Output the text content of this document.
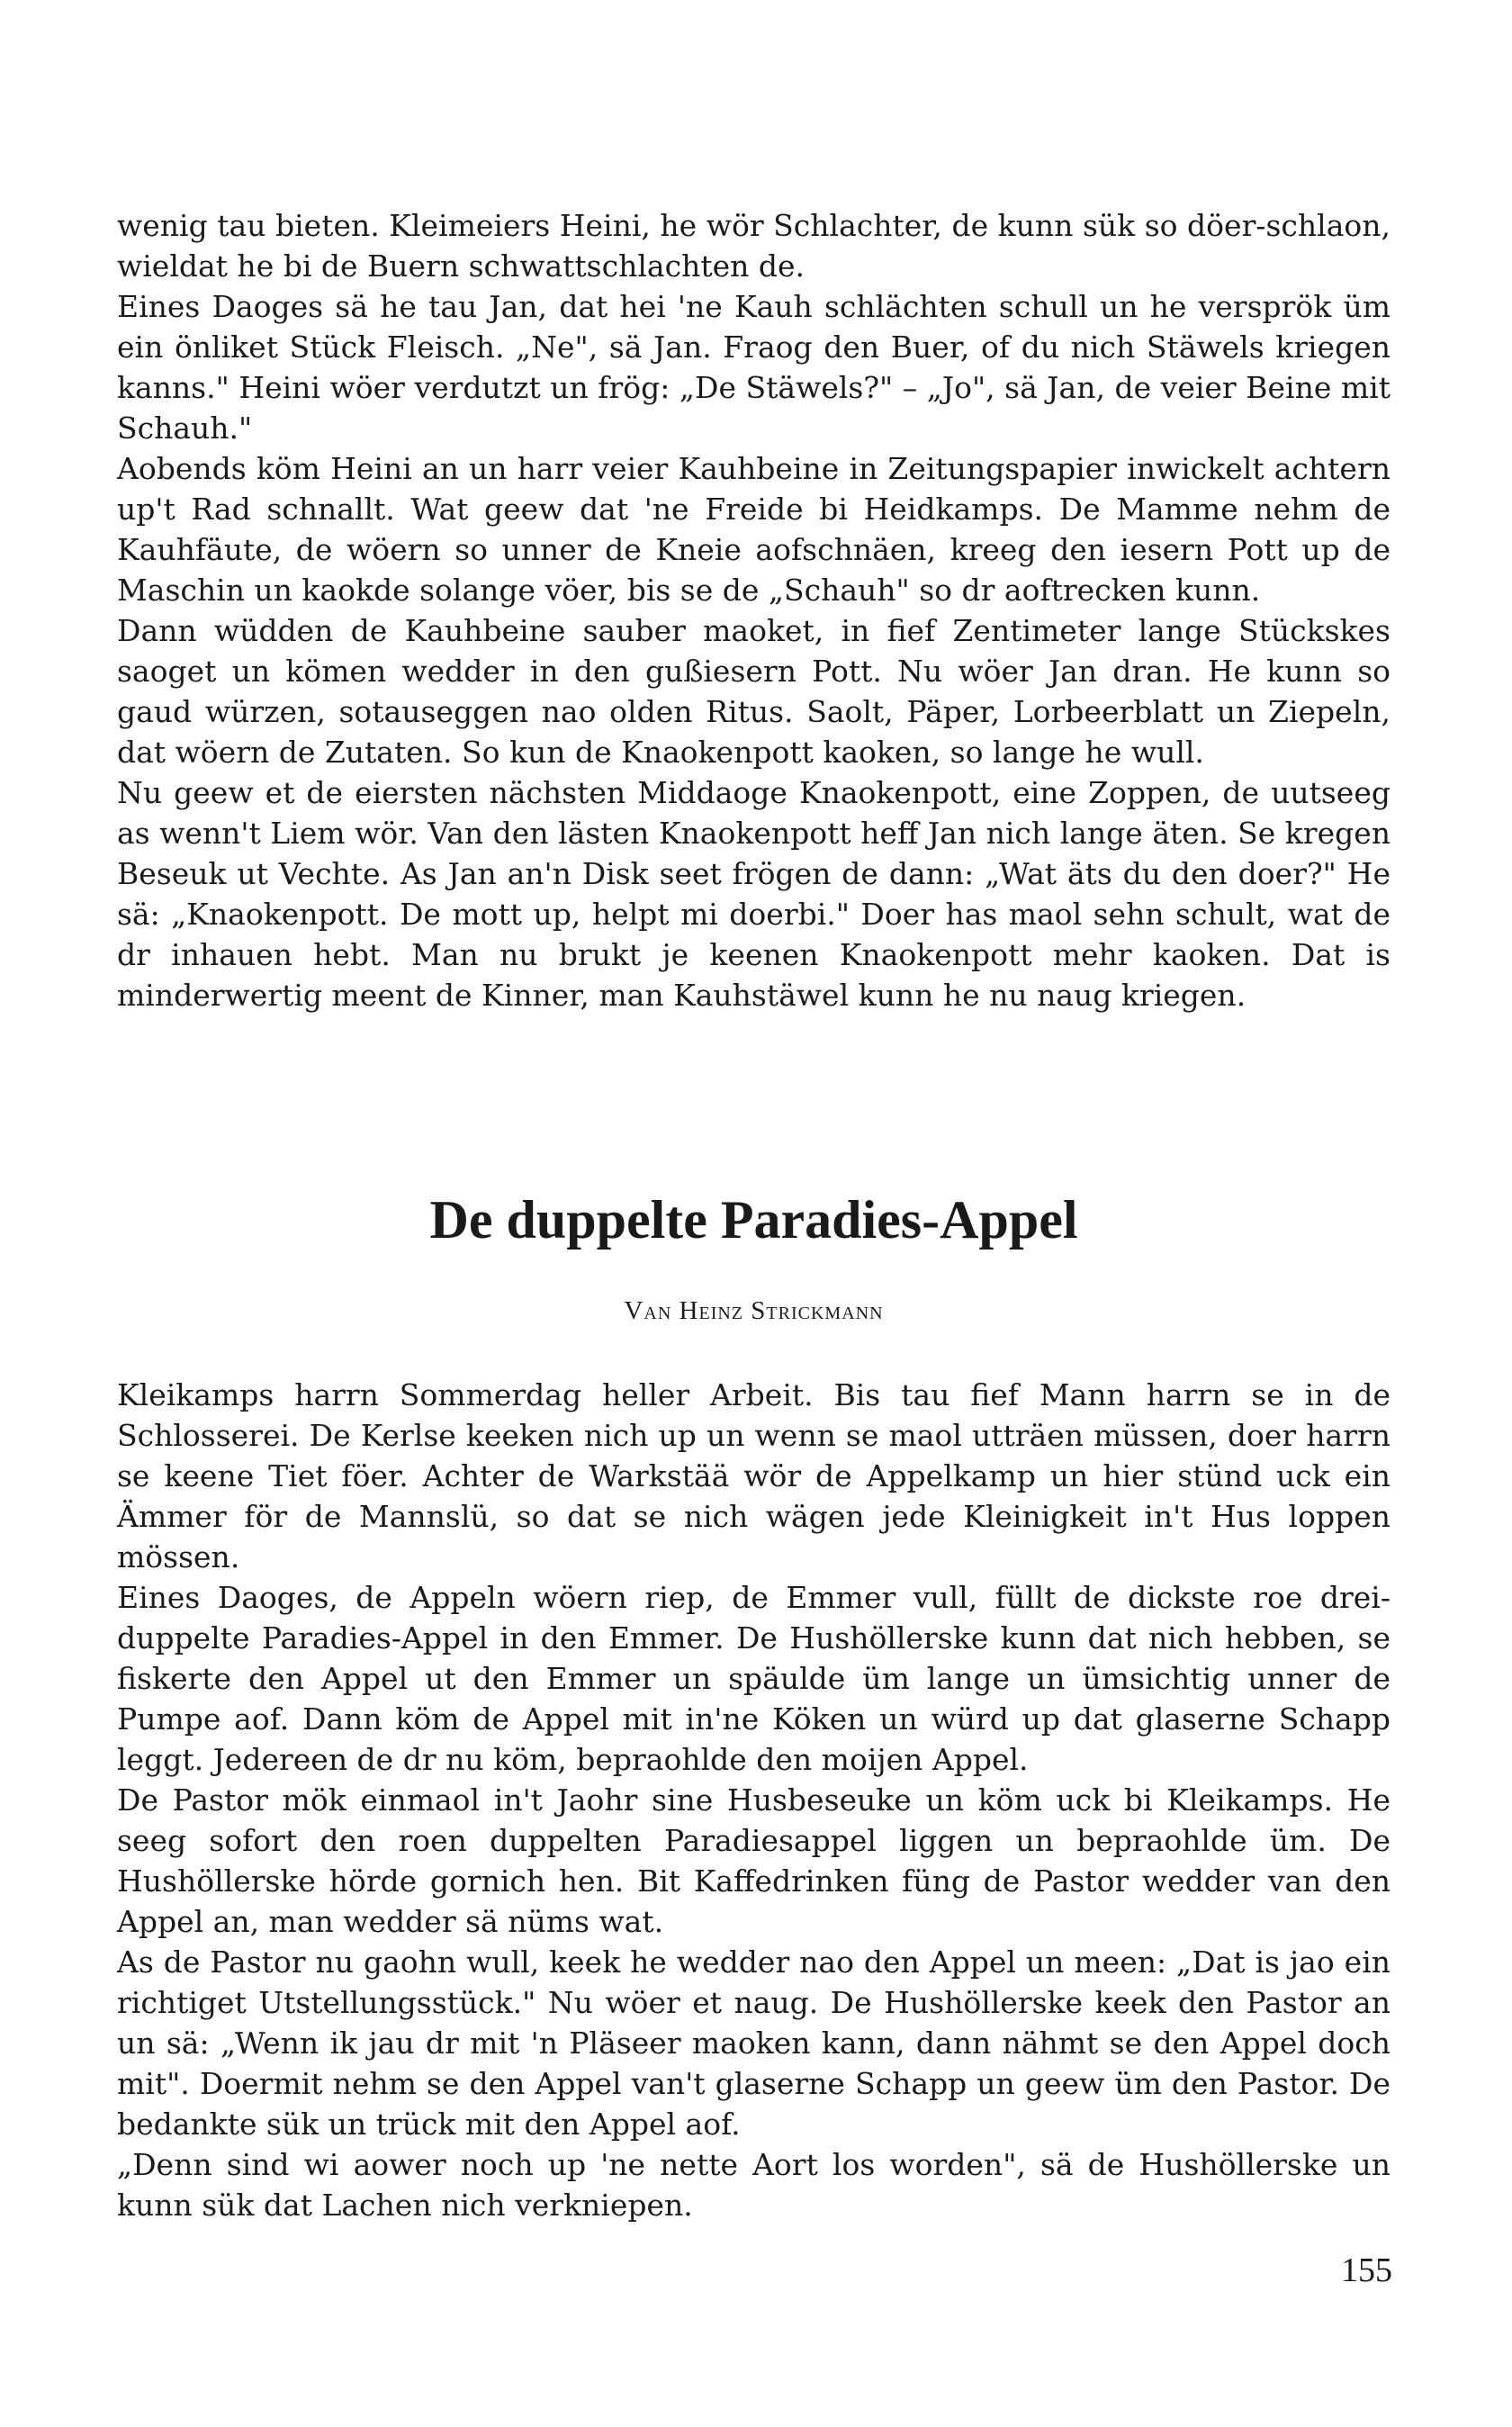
wenig tau bieten. Kleimeiers Heini, he wör Schlachter, de kunn sük so döer-schlaon, wieldat he bi de Buern schwattschlachten de.

Eines Daoges sä he tau Jan, dat hei 'ne Kauh schlächten schull un he versprök üm ein önliket Stück Fleisch. „Ne", sä Jan. Fraog den Buer, of du nich Stäwels kriegen kanns." Heini wöer verdutzt un frög: „De Stäwels?" – „Jo", sä Jan, de veier Beine mit Schauh."

Aobends köm Heini an un harr veier Kauhbeine in Zeitungspapier inwickelt achtern up't Rad schnallt. Wat geew dat 'ne Freide bi Heidkamps. De Mamme nehm de Kauhfäute, de wöern so unner de Kneie aofschnäen, kreeg den iesern Pott up de Maschin un kaokde solange vöer, bis se de „Schauh" so dr aoftrecken kunn.

Dann wüdden de Kauhbeine sauber maoket, in fief Zentimeter lange Stückskes saoget un kömen wedder in den gußiesern Pott. Nu wöer Jan dran. He kunn so gaud würzen, sotauseggen nao olden Ritus. Saolt, Päper, Lorbeerblatt un Ziepeln, dat wöern de Zutaten. So kun de Knaokenpott kaoken, so lange he wull.

Nu geew et de eiersten nächsten Middaoge Knaokenpott, eine Zoppen, de uutseeg as wenn't Liem wör. Van den lästen Knaokenpott heff Jan nich lange äten. Se kregen Beseuk ut Vechte. As Jan an'n Disk seet frögen de dann: „Wat äts du den doer?" He sä: „Knaokenpott. De mott up, helpt mi doerbi." Doer has maol sehn schult, wat de dr inhauen hebt. Man nu brukt je keenen Knaokenpott mehr kaoken. Dat is minderwertig meent de Kinner, man Kauhstäwel kunn he nu naug kriegen.

De duppelte Paradies-Appel
Van Heinz Strickmann

Kleikamps harrn Sommerdag heller Arbeit. Bis tau fief Mann harrn se in de Schlosserei. De Kerlse keeken nich up un wenn se maol utträen müssen, doer harrn se keene Tiet föer. Achter de Warkstää wör de Appelkamp un hier stünd uck ein Ämmer för de Mannslü, so dat se nich wägen jede Kleinigkeit in't Hus loppen mössen.

Eines Daoges, de Appeln wöern riep, de Emmer vull, füllt de dickste roe drei-duppelte Paradies-Appel in den Emmer. De Hushöllerske kunn dat nich hebben, se fiskerte den Appel ut den Emmer un späulde üm lange un ümsichtig unner de Pumpe aof. Dann köm de Appel mit in'ne Köken un würd up dat glaserne Schapp leggt. Jedereen de dr nu köm, bepraohlde den moijen Appel.

De Pastor mök einmaol in't Jaohr sine Husbeseuke un köm uck bi Kleikamps. He seeg sofort den roen duppelten Paradiesappel liggen un bepraohlde üm. De Hushöllerske hörde gornich hen. Bit Kaffedrinken füng de Pastor wedder van den Appel an, man wedder sä nüms wat.

As de Pastor nu gaohn wull, keek he wedder nao den Appel un meen: „Dat is jao ein richtiget Utstellungsstück." Nu wöer et naug. De Hushöllerske keek den Pastor an un sä: „Wenn ik jau dr mit 'n Pläseer maoken kann, dann nähmt se den Appel doch mit". Doermit nehm se den Appel van't glaserne Schapp un geew üm den Pastor. De bedankte sük un trück mit den Appel aof.

„Denn sind wi aower noch up 'ne nette Aort los worden", sä de Hushöllerske un kunn sük dat Lachen nich verkniepen.

155
